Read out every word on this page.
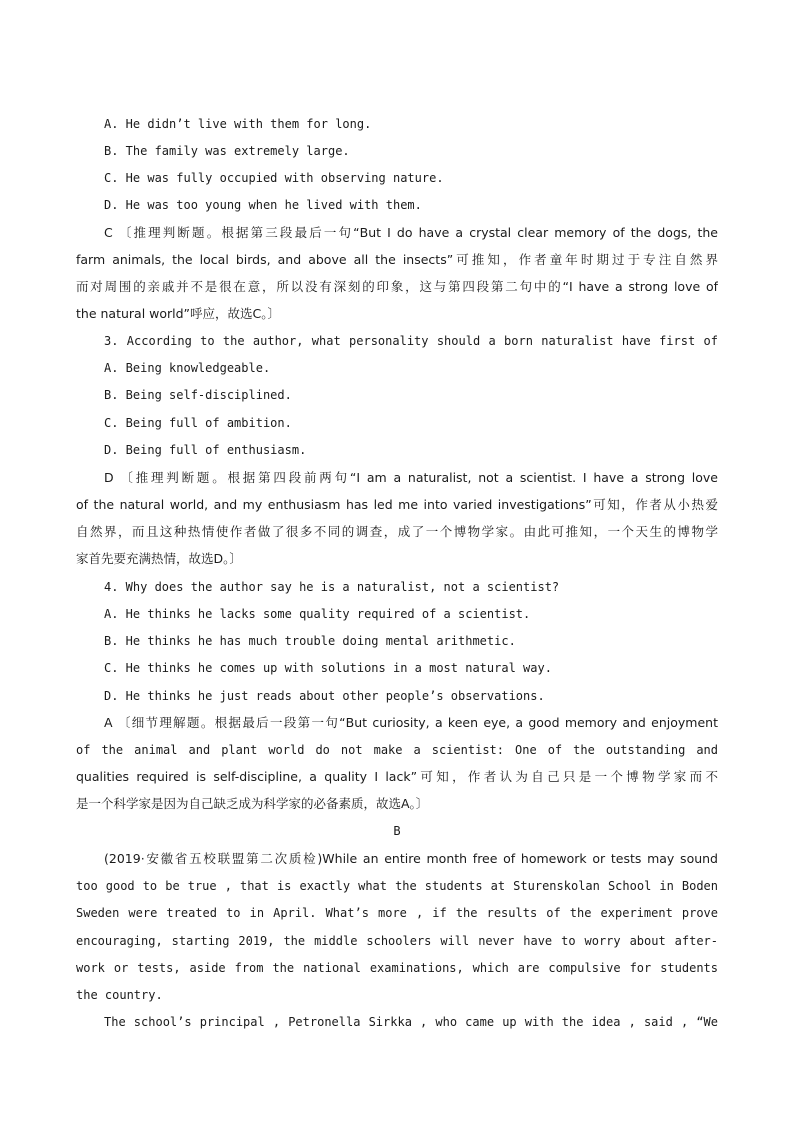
A. He didn’t live with them for long.
B. The family was extremely large.
C. He was fully occupied with observing nature.
D. He was too young when he lived with them.
C 〔推理判断题。根据第三段最后一句“But I do have a crystal clear memory of the dogs, the
farm animals, the local birds, and above all the insects”可推知，作者童年时期过于专注自然界
而对周围的亲戚并不是很在意，所以没有深刻的印象，这与第四段第二句中的“I have a strong love of
the natural world”呼应，故选C。〕
3. According to the author, what personality should a born naturalist have first of
A. Being knowledgeable.
B. Being self-disciplined.
C. Being full of ambition.
D. Being full of enthusiasm.
D 〔推理判断题。根据第四段前两句“I am a naturalist, not a scientist. I have a strong love
of the natural world, and my enthusiasm has led me into varied investigations”可知，作者从小热爱
自然界，而且这种热情使作者做了很多不同的调查，成了一个博物学家。由此可推知，一个天生的博物学
家首先要充满热情，故选D。〕
4. Why does the author say he is a naturalist, not a scientist?
A. He thinks he lacks some quality required of a scientist.
B. He thinks he has much trouble doing mental arithmetic.
C. He thinks he comes up with solutions in a most natural way.
D. He thinks he just reads about other people’s observations.
A 〔细节理解题。根据最后一段第一句“But curiosity, a keen eye, a good memory and enjoyment
of the animal and plant world do not make a scientist: One of the outstanding and
qualities required is self-discipline, a quality I lack”可知，作者认为自己只是一个博物学家而不
是一个科学家是因为自己缺乏成为科学家的必备素质，故选A。〕
B
(2019·安徽省五校联盟第二次质检)While an entire month free of homework or tests may sound
too good to be true , that is exactly what the students at Sturenskolan School in Boden
Sweden were treated to in April. What’s more , if the results of the experiment prove
encouraging, starting 2019, the middle schoolers will never have to worry about after-
work or tests, aside from the national examinations, which are compulsive for students
the country.
The school’s principal , Petronella Sirkka , who came up with the idea , said , “We
